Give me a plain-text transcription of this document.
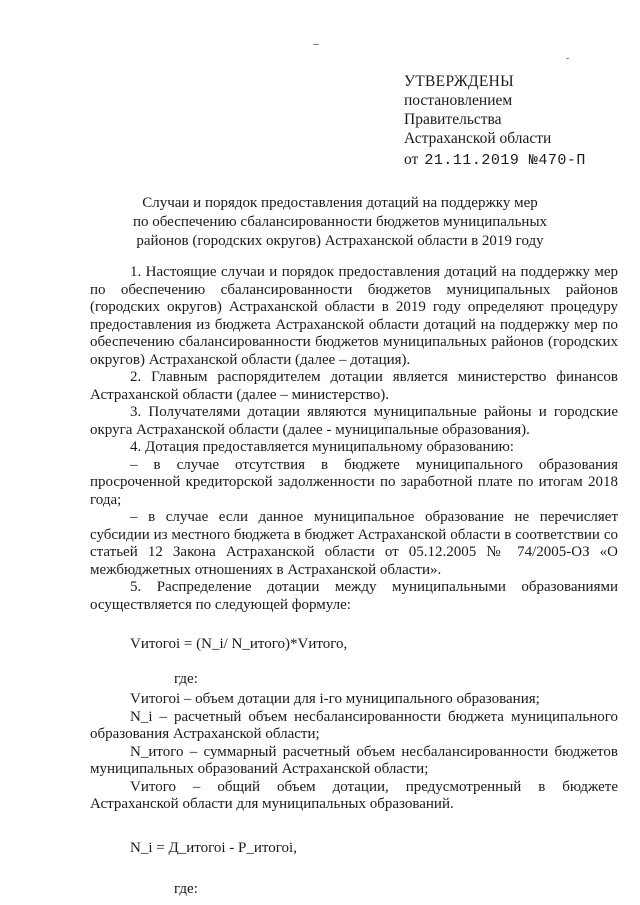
УТВЕРЖДЕНЫ
постановлением
Правительства
Астраханской области
от 21.11.2019 №470-П
Случаи и порядок предоставления дотаций на поддержку мер
по обеспечению сбалансированности бюджетов муниципальных
районов (городских округов) Астраханской области в 2019 году

1. Настоящие случаи и порядок предоставления дотаций на поддержку мер по обеспечению сбалансированности бюджетов муниципальных районов (городских округов) Астраханской области в 2019 году определяют процедуру предоставления из бюджета Астраханской области дотаций на поддержку мер по обеспечению сбалансированности бюджетов муниципальных районов (городских округов) Астраханской области (далее – дотация).

2. Главным распорядителем дотации является министерство финансов Астраханской области (далее – министерство).

3. Получателями дотации являются муниципальные районы и городские округа Астраханской области (далее - муниципальные образования).

4. Дотация предоставляется муниципальному образованию:

– в случае отсутствия в бюджете муниципального образования просроченной кредиторской задолженности по заработной плате по итогам 2018 года;

– в случае если данное муниципальное образование не перечисляет субсидии из местного бюджета в бюджет Астраханской области в соответствии со статьей 12 Закона Астраханской области от 05.12.2005 № 74/2005-ОЗ «О межбюджетных отношениях в Астраханской области».

5. Распределение дотации между муниципальными образованиями осуществляется по следующей формуле:

Vитогоi = (N_i/ N_итого)*Vитого,

где:

Vитогоi – объем дотации для i-го муниципального образования;

N_i – расчетный объем несбалансированности бюджета муниципального образования Астраханской области;

N_итого – суммарный расчетный объем несбалансированности бюджетов муниципальных образований Астраханской области;

Vитого – общий объем дотации, предусмотренный в бюджете Астраханской области для муниципальных образований.

N_i = Д_итогоi - Р_итогоi,

где:
